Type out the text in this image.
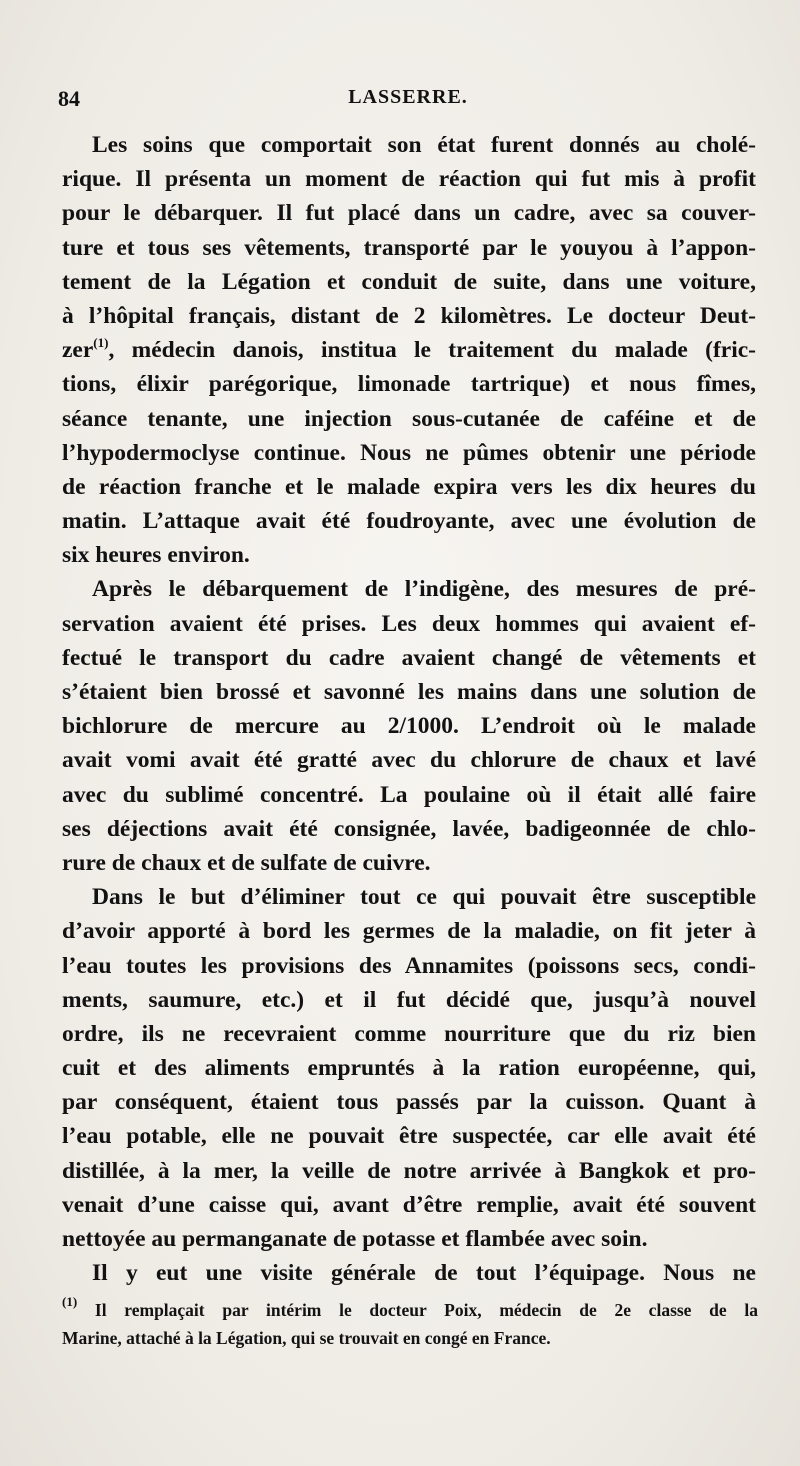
84	LASSERRE.
Les soins que comportait son état furent donnés au cholé-
rique. Il présenta un moment de réaction qui fut mis à profit
pour le débarquer. Il fut placé dans un cadre, avec sa couver-
ture et tous ses vêtements, transporté par le youyou à l’appon-
tement de la Légation et conduit de suite, dans une voiture,
à l’hôpital français, distant de 2 kilomètres. Le docteur Deut-
zer$^{(1)}$, médecin danois, institua le traitement du malade (fric-
tions, élixir parégorique, limonade tartrique) et nous fîmes,
séance tenante, une injection sous-cutanée de caféine et de
l’hypodermoclyse continue. Nous ne pûmes obtenir une période
de réaction franche et le malade expira vers les dix heures du
matin. L’attaque avait été foudroyante, avec une évolution de
six heures environ.
Après le débarquement de l’indigène, des mesures de pré-
servation avaient été prises. Les deux hommes qui avaient ef-
fectué le transport du cadre avaient changé de vêtements et
s’étaient bien brossé et savonné les mains dans une solution de
bichlorure de mercure au 2/1000. L’endroit où le malade
avait vomi avait été gratté avec du chlorure de chaux et lavé
avec du sublimé concentré. La poulaine où il était allé faire
ses déjections avait été consignée, lavée, badigeonnée de chlo-
rure de chaux et de sulfate de cuivre.
Dans le but d’éliminer tout ce qui pouvait être susceptible
d’avoir apporté à bord les germes de la maladie, on fit jeter à
l’eau toutes les provisions des Annamites (poissons secs, condi-
ments, saumure, etc.) et il fut décidé que, jusqu’à nouvel
ordre, ils ne recevraient comme nourriture que du riz bien
cuit et des aliments empruntés à la ration européenne, qui,
par conséquent, étaient tous passés par la cuisson. Quant à
l’eau potable, elle ne pouvait être suspectée, car elle avait été
distillée, à la mer, la veille de notre arrivée à Bangkok et pro-
venait d’une caisse qui, avant d’être remplie, avait été souvent
nettoyée au permanganate de potasse et flambée avec soin.
Il y eut une visite générale de tout l’équipage. Nous ne
$^{(1)}$ Il remplaçait par intérim le docteur Poix, médecin de 2e classe de la
Marine, attaché à la Légation, qui se trouvait en congé en France.
